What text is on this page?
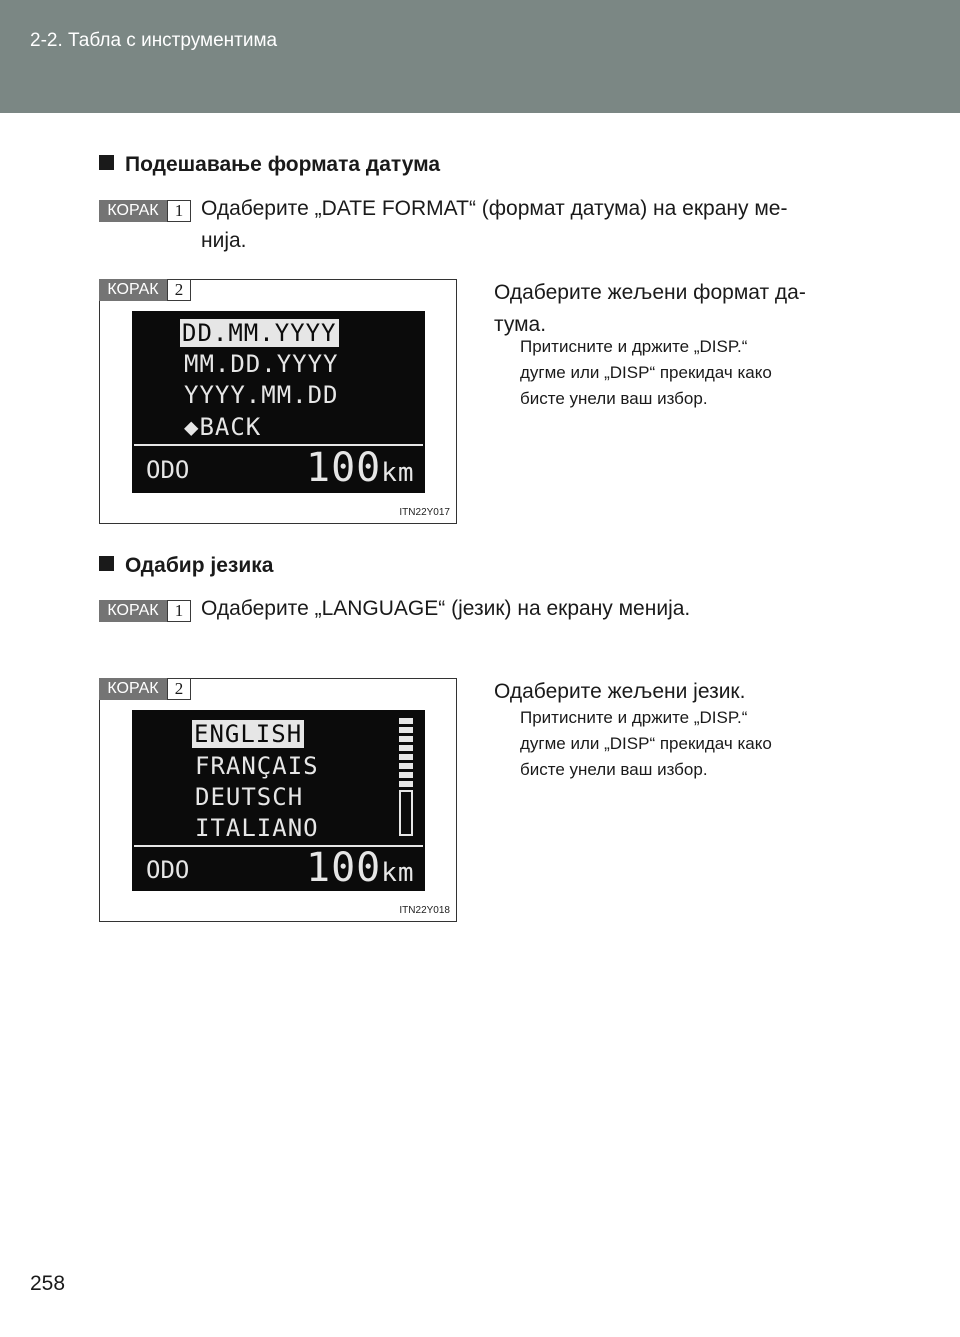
2-2. Табла с инструментима
Подешавање формата датума
КОРАК 1 Одаберите „DATE FORMAT“ (формат датума) на екрану ме-
нија.
КОРАК 2
DD.MM.YYYY
MM.DD.YYYY
YYYY.MM.DD
◆BACK
ODO	100km
ITN22Y017
Одаберите жељени формат да-
тума.
Притисните и држите „DISP.“
дугме или „DISP“ прекидач како
бисте унели ваш избор.
Одабир језика
КОРАК 1 Одаберите „LANGUAGE“ (језик) на екрану менија.
КОРАК 2
ENGLISH
FRANÇAIS
DEUTSCH
ITALIANO
ODO	100km
ITN22Y018
Одаберите жељени језик.
Притисните и држите „DISP.“
дугме или „DISP“ прекидач како
бисте унели ваш избор.
258
